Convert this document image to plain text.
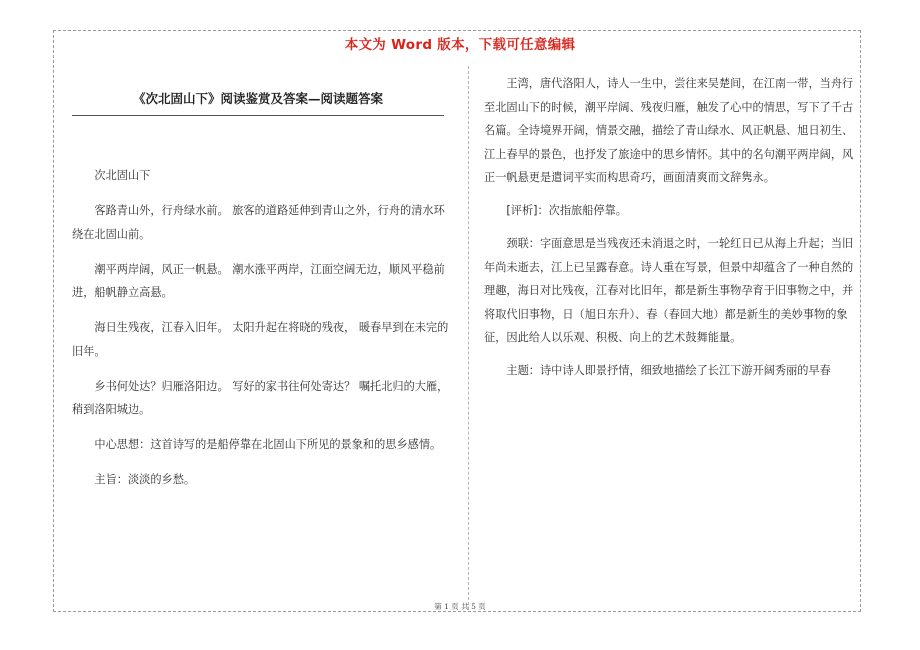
本文为 Word 版本，下载可任意编辑
《次北固山下》阅读鉴赏及答案—阅读题答案

次北固山下

客路青山外，行舟绿水前。 旅客的道路延伸到青山之外，行舟的清水环绕在北固山前。

潮平两岸阔，风正一帆悬。 潮水涨平两岸，江面空阔无边，顺风平稳前进，船帆静立高悬。

海日生残夜，江春入旧年。 太阳升起在将晓的残夜， 暖春早到在未完的旧年。

乡书何处达？归雁洛阳边。 写好的家书往何处寄达？ 嘱托北归的大雁，稍到洛阳城边。

中心思想：这首诗写的是船停靠在北固山下所见的景象和的思乡感情。

主旨：淡淡的乡愁。

王湾，唐代洛阳人，诗人一生中，尝往来吴楚间，在江南一带，当舟行至北固山下的时候，潮平岸阔、残夜归雁，触发了心中的情思，写下了千古名篇。全诗境界开阔，情景交融，描绘了青山绿水、风正帆悬、旭日初生、江上春早的景色，也抒发了旅途中的思乡情怀。其中的名句潮平两岸阔，风正一帆悬更是遣词平实而构思奇巧，画面清爽而文辞隽永。

[评析]：次指旅船停靠。

颈联：字面意思是当残夜还未消退之时，一轮红日已从海上升起；当旧年尚未逝去，江上已呈露春意。诗人重在写景，但景中却蕴含了一种自然的理趣，海日对比残夜，江春对比旧年，都是新生事物孕育于旧事物之中，并将取代旧事物，日（旭日东升）、春（春回大地）都是新生的美妙事物的象征，因此给人以乐观、积极、向上的艺术鼓舞能量。

主题：诗中诗人即景抒情，细致地描绘了长江下游开阔秀丽的早春

第 1 页 共 5 页
